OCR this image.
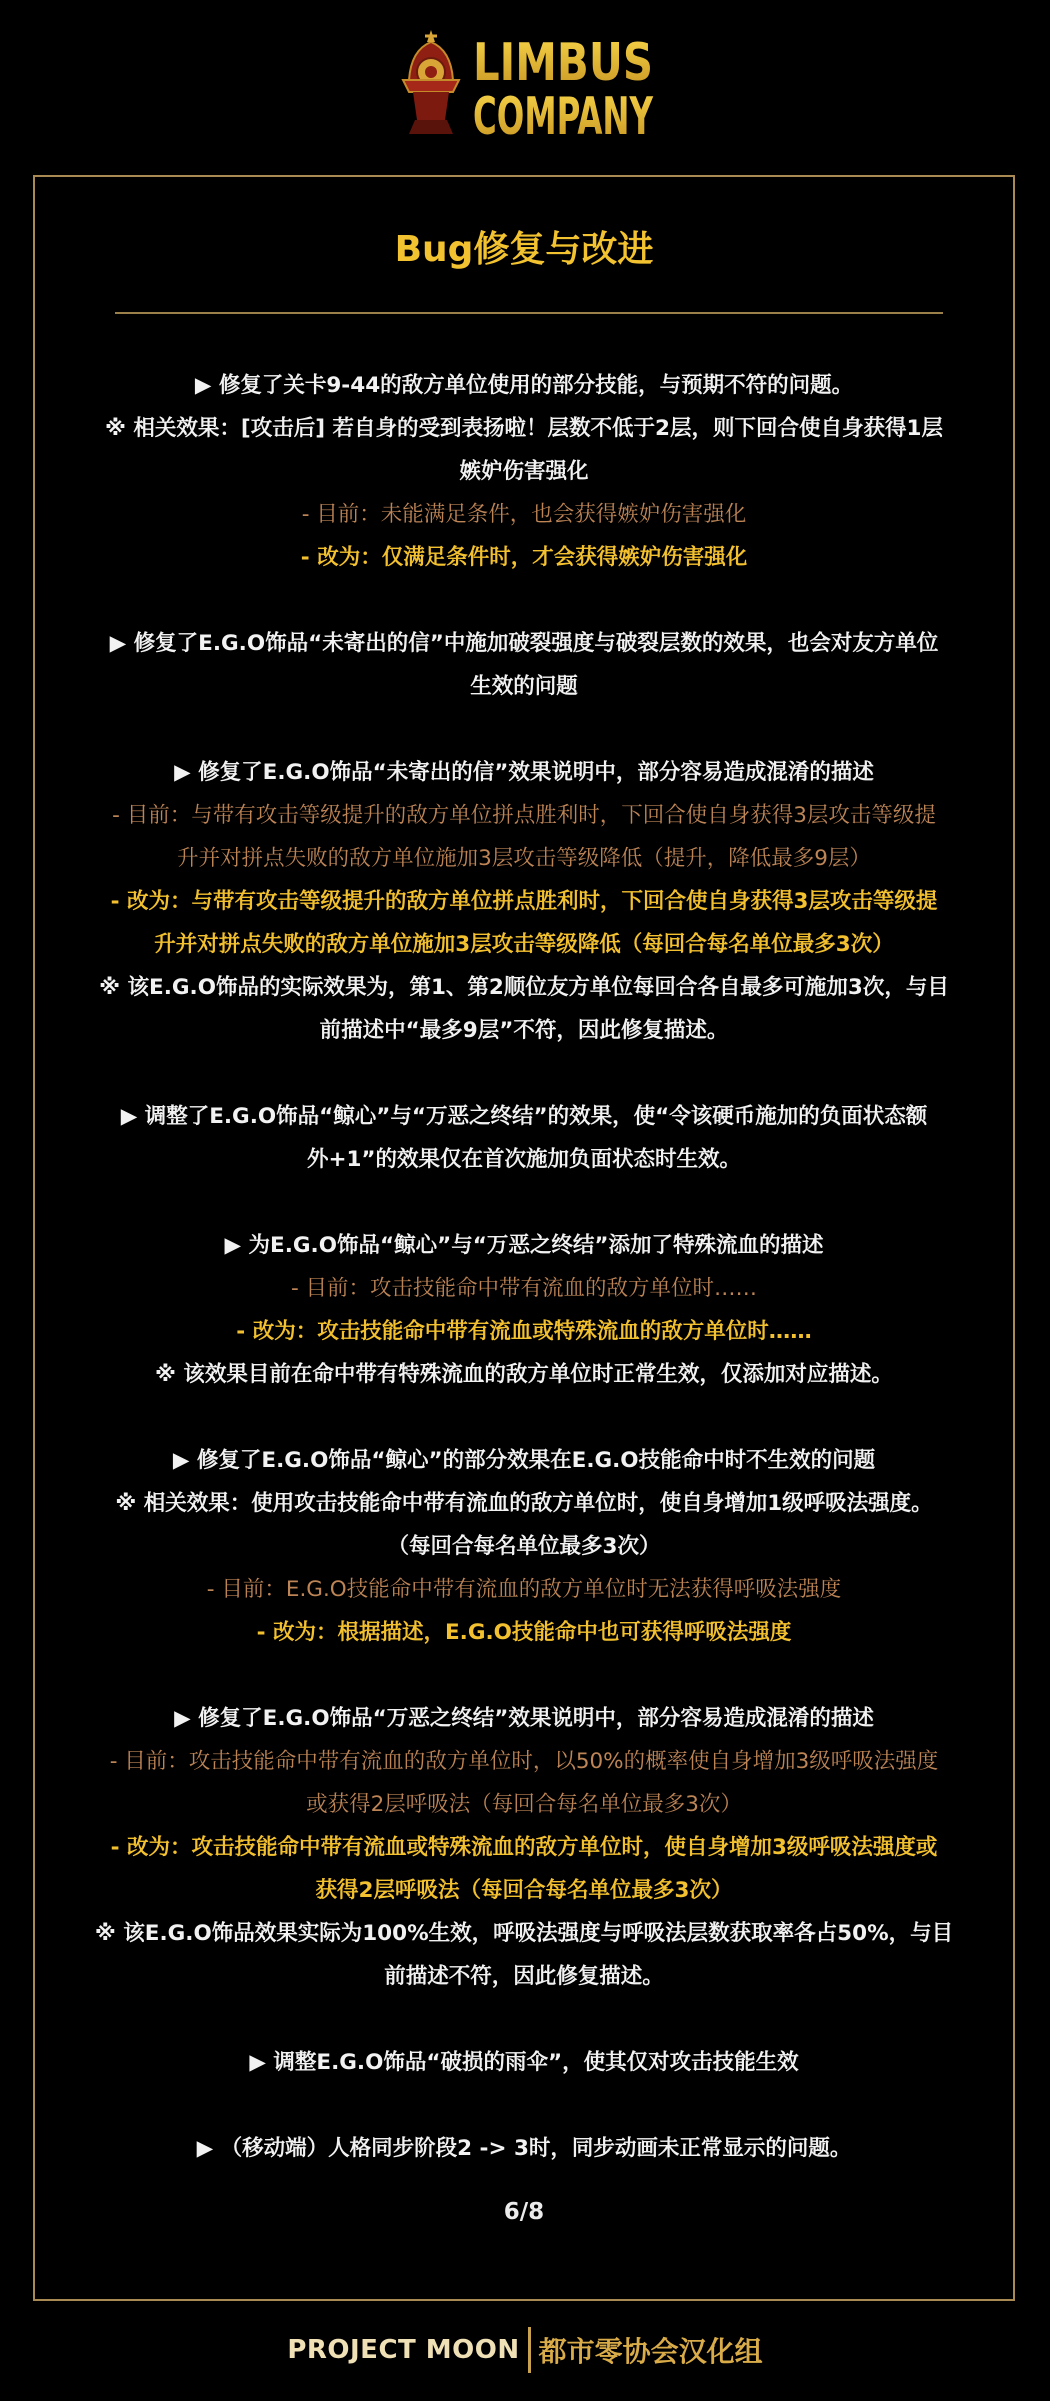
LIMBUS
COMPANY
Bug修复与改进

▶ 修复了关卡9-44的敌方单位使用的部分技能，与预期不符的问题。

※ 相关效果：[攻击后] 若自身的受到表扬啦！层数不低于2层，则下回合使自身获得1层

嫉妒伤害强化

- 目前：未能满足条件，也会获得嫉妒伤害强化

- 改为：仅满足条件时，才会获得嫉妒伤害强化

▶ 修复了E.G.O饰品“未寄出的信”中施加破裂强度与破裂层数的效果，也会对友方单位

生效的问题

▶ 修复了E.G.O饰品“未寄出的信”效果说明中，部分容易造成混淆的描述

- 目前：与带有攻击等级提升的敌方单位拼点胜利时，下回合使自身获得3层攻击等级提

升并对拼点失败的敌方单位施加3层攻击等级降低（提升，降低最多9层）

- 改为：与带有攻击等级提升的敌方单位拼点胜利时，下回合使自身获得3层攻击等级提

升并对拼点失败的敌方单位施加3层攻击等级降低（每回合每名单位最多3次）

※ 该E.G.O饰品的实际效果为，第1、第2顺位友方单位每回合各自最多可施加3次，与目

前描述中“最多9层”不符，因此修复描述。

▶ 调整了E.G.O饰品“鲸心”与“万恶之终结”的效果，使“令该硬币施加的负面状态额

外+1”的效果仅在首次施加负面状态时生效。

▶ 为E.G.O饰品“鲸心”与“万恶之终结”添加了特殊流血的描述

- 目前：攻击技能命中带有流血的敌方单位时……

- 改为：攻击技能命中带有流血或特殊流血的敌方单位时……

※ 该效果目前在命中带有特殊流血的敌方单位时正常生效，仅添加对应描述。

▶ 修复了E.G.O饰品“鲸心”的部分效果在E.G.O技能命中时不生效的问题

※ 相关效果：使用攻击技能命中带有流血的敌方单位时，使自身增加1级呼吸法强度。

（每回合每名单位最多3次）

- 目前：E.G.O技能命中带有流血的敌方单位时无法获得呼吸法强度

- 改为：根据描述，E.G.O技能命中也可获得呼吸法强度

▶ 修复了E.G.O饰品“万恶之终结”效果说明中，部分容易造成混淆的描述

- 目前：攻击技能命中带有流血的敌方单位时，以50%的概率使自身增加3级呼吸法强度

或获得2层呼吸法（每回合每名单位最多3次）

- 改为：攻击技能命中带有流血或特殊流血的敌方单位时，使自身增加3级呼吸法强度或

获得2层呼吸法（每回合每名单位最多3次）

※ 该E.G.O饰品效果实际为100%生效，呼吸法强度与呼吸法层数获取率各占50%，与目

前描述不符，因此修复描述。

▶ 调整E.G.O饰品“破损的雨伞”，使其仅对攻击技能生效

▶ （移动端）人格同步阶段2 -> 3时，同步动画未正常显示的问题。

6/8
PROJECT MOON 都市零协会汉化组
